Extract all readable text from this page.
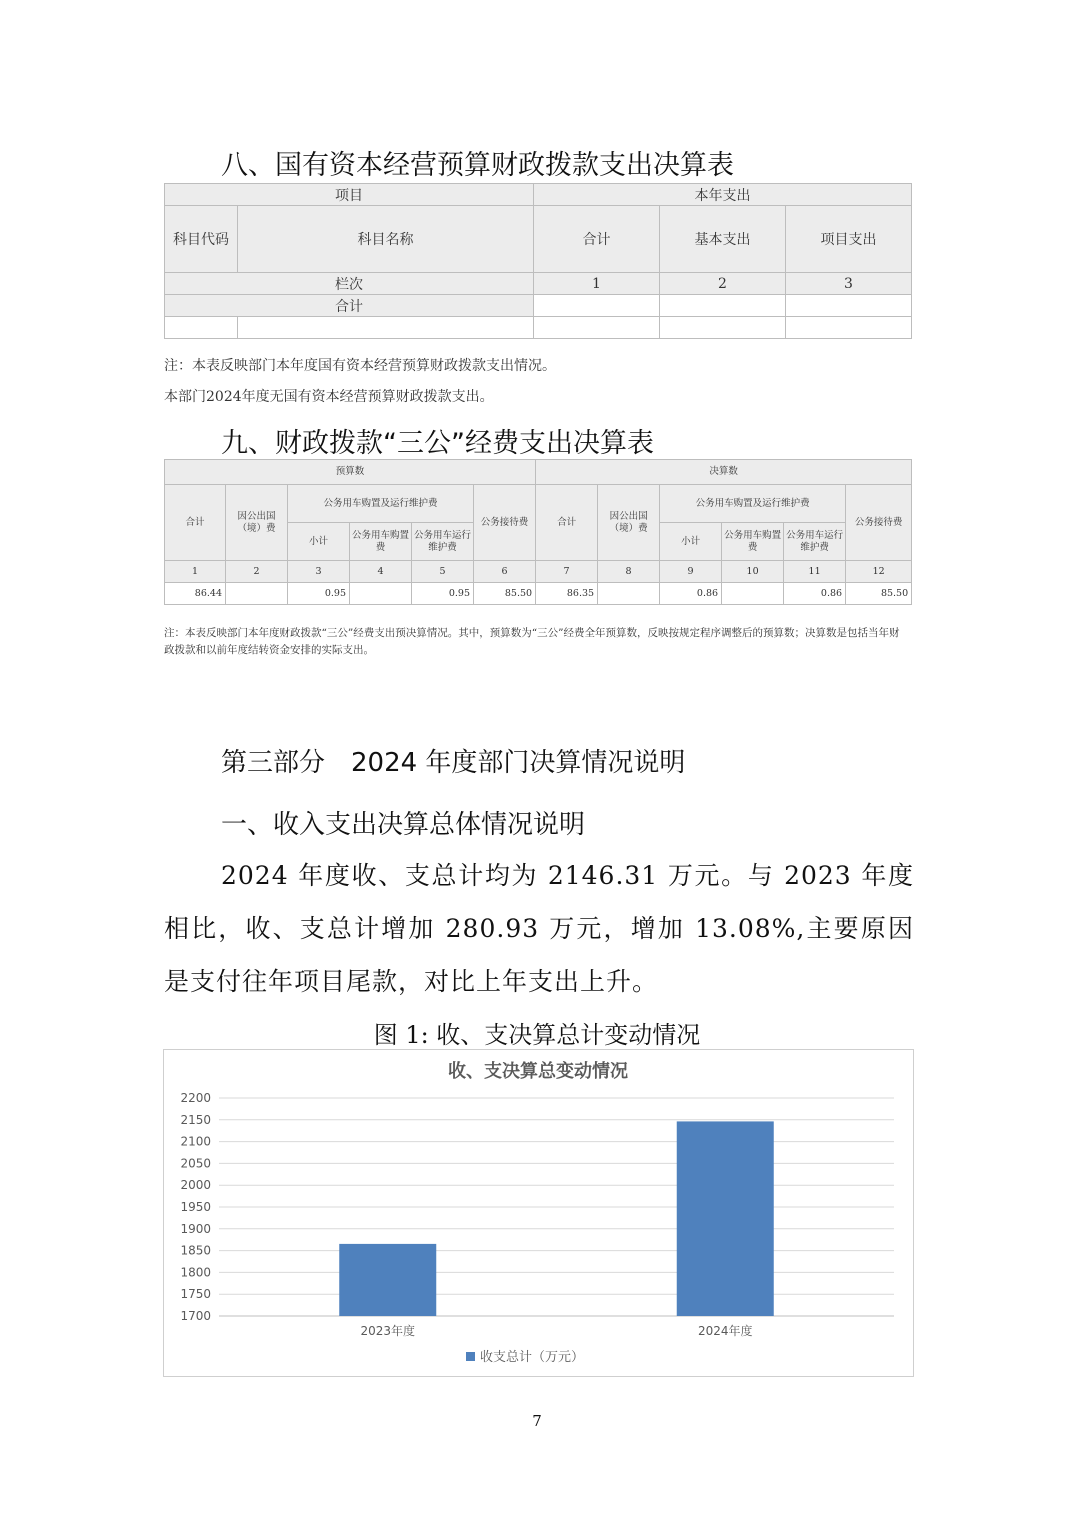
八、国有资本经营预算财政拨款支出决算表
项目		本年支出		
科目代码	科目名称	合计	基本支出	项目支出
栏次		1	2	3
合计				

注：本表反映部门本年度国有资本经营预算财政拨款支出情况。

本部门2024年度无国有资本经营预算财政拨款支出。

九、财政拨款“三公”经费支出决算表
预算数						决算数					
合计	因公出国（境）费	公务用车购置及运行维护费			公务接待费	合计	因公出国（境）费	公务用车购置及运行维护费			公务接待费
		小计	公务用车购置费	公务用车运行维护费				小计	公务用车购置费	公务用车运行维护费	
1	2	3	4	5	6	7	8	9	10	11	12
86.44		0.95		0.95	85.50	86.35		0.86		0.86	85.50

注：本表反映部门本年度财政拨款“三公”经费支出预决算情况。其中，预算数为“三公”经费全年预算数，反映按规定程序调整后的预算数；决算数是包括当年财政拨款和以前年度结转资金安排的实际支出。

第三部分　2024 年度部门决算情况说明
一、收入支出决算总体情况说明

2024 年度收、支总计均为 2146.31 万元。与 2023 年度相比，收、支总计增加 280.93 万元，增加 13.08%,主要原因是支付往年项目尾款，对比上年支出上升。

图 1: 收、支决算总计变动情况

收、支决算总变动情况
1700
1750
1800
1850
1900
1950
2000
2050
2100
2150
2200
2023年度	2024年度
收支总计（万元）

7
